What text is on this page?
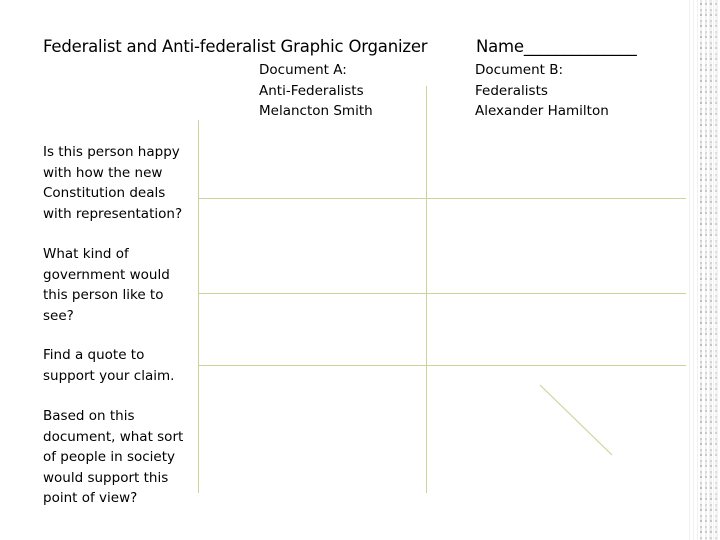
Federalist and Anti-federalist Graphic Organizer	Name______________
Document A:
Anti-Federalists
Melancton Smith
Document B:
Federalists
Alexander Hamilton
Is this person happy with how the new Constitution deals with representation?
What kind of government would this person like to see?
Find a quote to support your claim.
Based on this document, what sort of people in society would support this point of view?
